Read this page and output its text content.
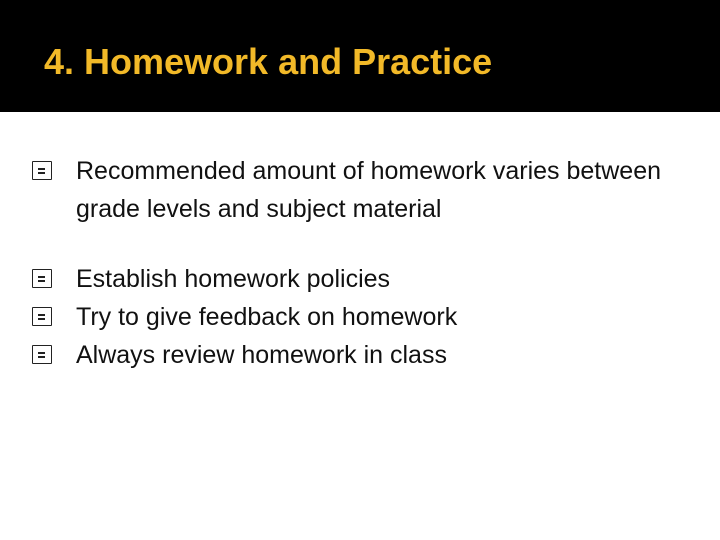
4. Homework and Practice
Recommended amount of homework varies between grade levels and subject material
Establish homework policies
Try to give feedback on homework
Always review homework in class
